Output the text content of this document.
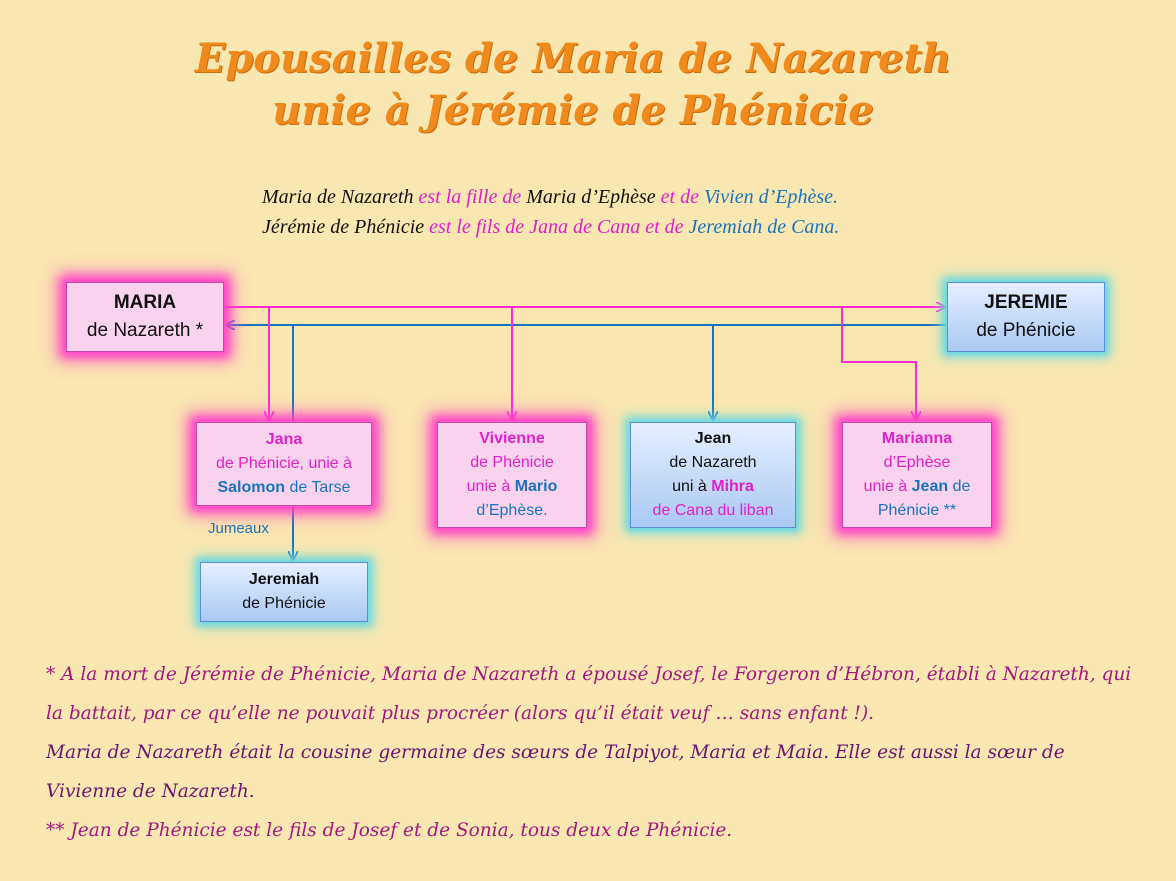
Epousailles de Maria de Nazareth
unie à Jérémie de Phénicie
Maria de Nazareth est la fille de Maria d’Ephèse et de Vivien d’Ephèse.
Jérémie de Phénicie est le fils de Jana de Cana et de Jeremiah de Cana.
MARIA
de Nazareth *
JEREMIE
de Phénicie
Jana
de Phénicie, unie à
Salomon de Tarse
Vivienne
de Phénicie
unie à Mario
d’Ephèse.
Jean
de Nazareth
uni à Mihra
de Cana du liban
Marianna
d’Ephèse
unie à Jean de
Phénicie **
Jumeaux
Jeremiah
de Phénicie

* A la mort de Jérémie de Phénicie, Maria de Nazareth a épousé Josef, le Forgeron d’Hébron, établi à Nazareth, qui la battait, par ce qu’elle ne pouvait plus procréer (alors qu’il était veuf … sans enfant !).

Maria de Nazareth était la cousine germaine des sœurs de Talpiyot, Maria et Maia. Elle est aussi la sœur de Vivienne de Nazareth.

** Jean de Phénicie est le fils de Josef et de Sonia, tous deux de Phénicie.
